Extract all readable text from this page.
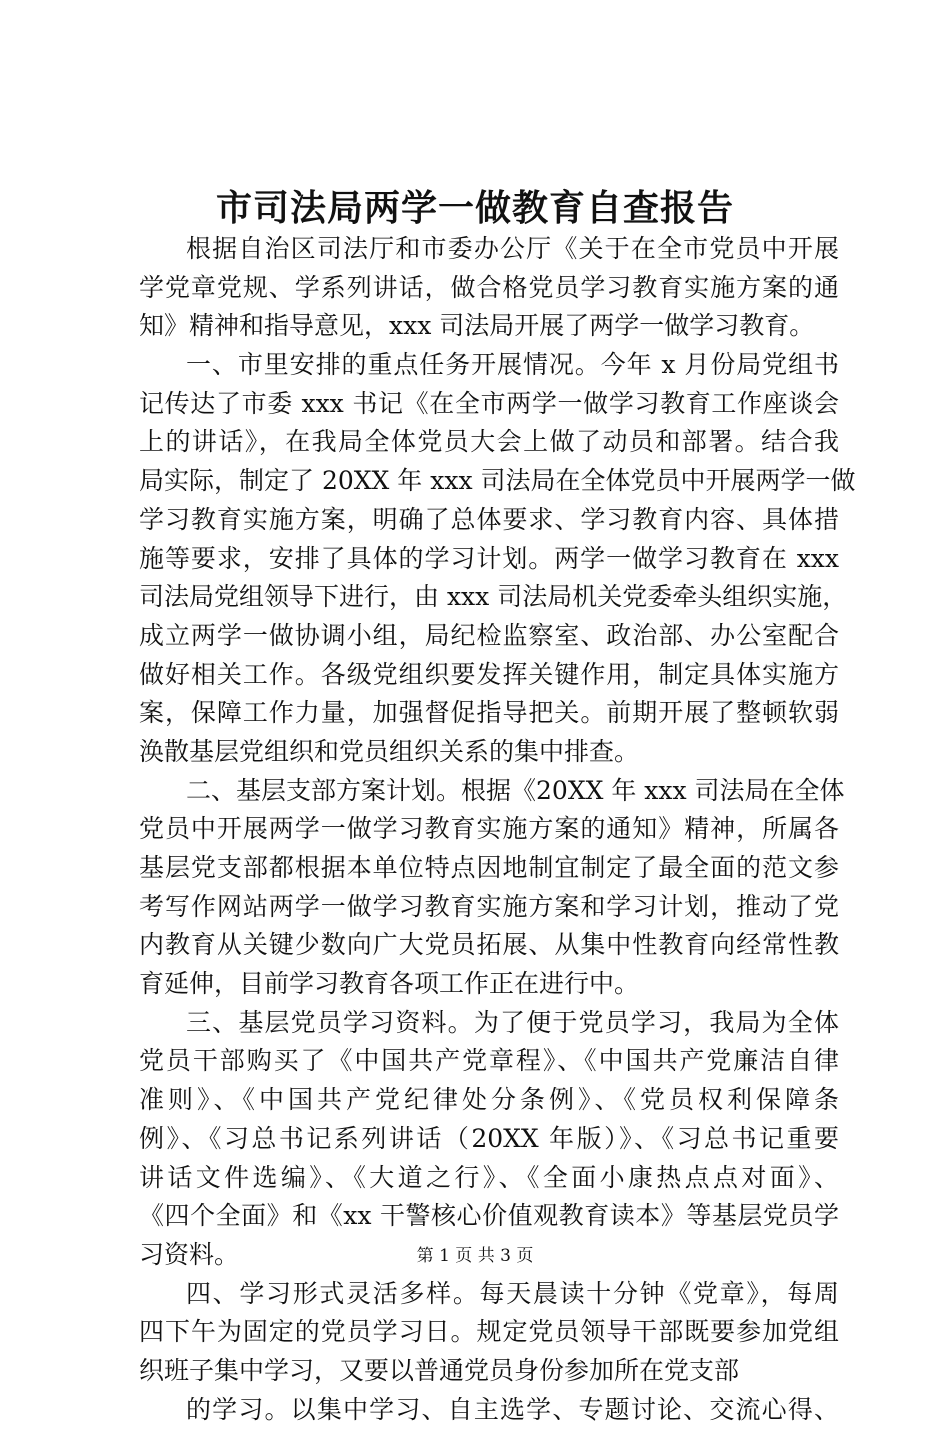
市司法局两学一做教育自查报告
根据自治区司法厅和市委办公厅《关于在全市党员中开展
学党章党规、学系列讲话，做合格党员学习教育实施方案的通
知》精神和指导意见，xxx 司法局开展了两学一做学习教育。
一、市里安排的重点任务开展情况。今年 x 月份局党组书
记传达了市委 xxx 书记《在全市两学一做学习教育工作座谈会
上的讲话》，在我局全体党员大会上做了动员和部署。结合我
局实际，制定了 20XX 年 xxx 司法局在全体党员中开展两学一做
学习教育实施方案，明确了总体要求、学习教育内容、具体措
施等要求，安排了具体的学习计划。两学一做学习教育在 xxx
司法局党组领导下进行，由 xxx 司法局机关党委牵头组织实施，
成立两学一做协调小组，局纪检监察室、政治部、办公室配合
做好相关工作。各级党组织要发挥关键作用，制定具体实施方
案，保障工作力量，加强督促指导把关。前期开展了整顿软弱
涣散基层党组织和党员组织关系的集中排查。
二、基层支部方案计划。根据《20XX 年 xxx 司法局在全体
党员中开展两学一做学习教育实施方案的通知》精神，所属各
基层党支部都根据本单位特点因地制宜制定了最全面的范文参
考写作网站两学一做学习教育实施方案和学习计划，推动了党
内教育从关键少数向广大党员拓展、从集中性教育向经常性教
育延伸，目前学习教育各项工作正在进行中。
三、基层党员学习资料。为了便于党员学习，我局为全体
党员干部购买了《中国共产党章程》、《中国共产党廉洁自律
准则》、《中国共产党纪律处分条例》、《党员权利保障条
例》、《习总书记系列讲话（20XX 年版）》、《习总书记重要
讲话文件选编》、《大道之行》、《全面小康热点点对面》、
《四个全面》和《xx 干警核心价值观教育读本》等基层党员学
习资料。
四、学习形式灵活多样。每天晨读十分钟《党章》，每周
四下午为固定的党员学习日。规定党员领导干部既要参加党组
织班子集中学习，又要以普通党员身份参加所在党支部
的学习。以集中学习、自主选学、专题讨论、交流心得、
第 1 页 共 3 页
